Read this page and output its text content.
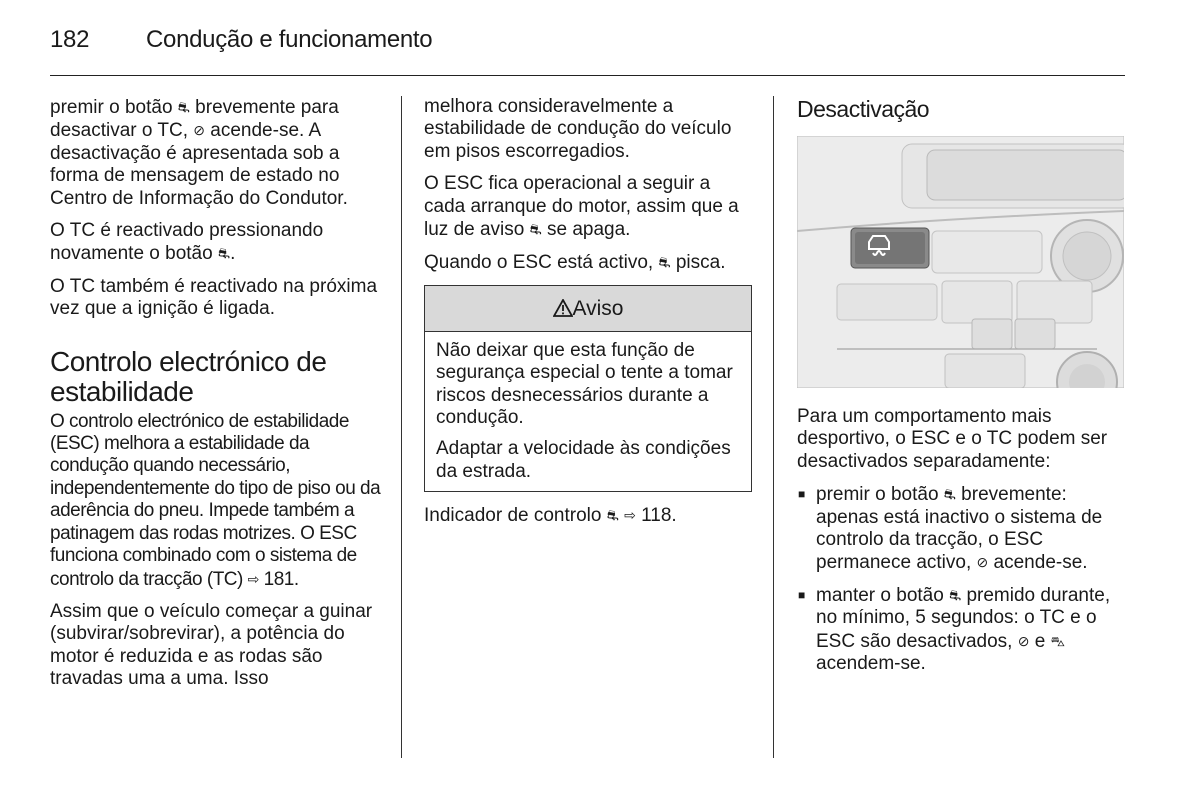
182 Condução e funcionamento

premir o botão ⛐ brevemente para desactivar o TC, ⊘ acende-se. A desactivação é apresentada sob a forma de mensagem de estado no Centro de Informação do Condutor.

O TC é reactivado pressionando novamente o botão ⛐.

O TC também é reactivado na próxima vez que a ignição é ligada.

Controlo electrónico de estabilidade

O controlo electrónico de estabilidade (ESC) melhora a estabilidade da condução quando necessário, independentemente do tipo de piso ou da aderência do pneu. Impede também a patinagem das rodas motrizes. O ESC funciona combinado com o sistema de controlo da tracção (TC) ⇨ 181.

Assim que o veículo começar a guinar (subvirar/sobrevirar), a potência do motor é reduzida e as rodas são travadas uma a uma. Isso

melhora consideravelmente a estabilidade de condução do veículo em pisos escorregadios.

O ESC fica operacional a seguir a cada arranque do motor, assim que a luz de aviso ⛐ se apaga.

Quando o ESC está activo, ⛐ pisca.

Aviso

Não deixar que esta função de segurança especial o tente a tomar riscos desnecessários durante a condução.

Adaptar a velocidade às condições da estrada.

Indicador de controlo ⛐ ⇨ 118.

Desactivação

Para um comportamento mais desportivo, o ESC e o TC podem ser desactivados separadamente:

■ premir o botão ⛐ brevemente: apenas está inactivo o sistema de controlo da tracção, o ESC permanece activo, ⊘ acende-se.
■ manter o botão ⛐ premido durante, no mínimo, 5 segundos: o TC e o ESC são desactivados, ⊘ e ⛍ acendem-se.
